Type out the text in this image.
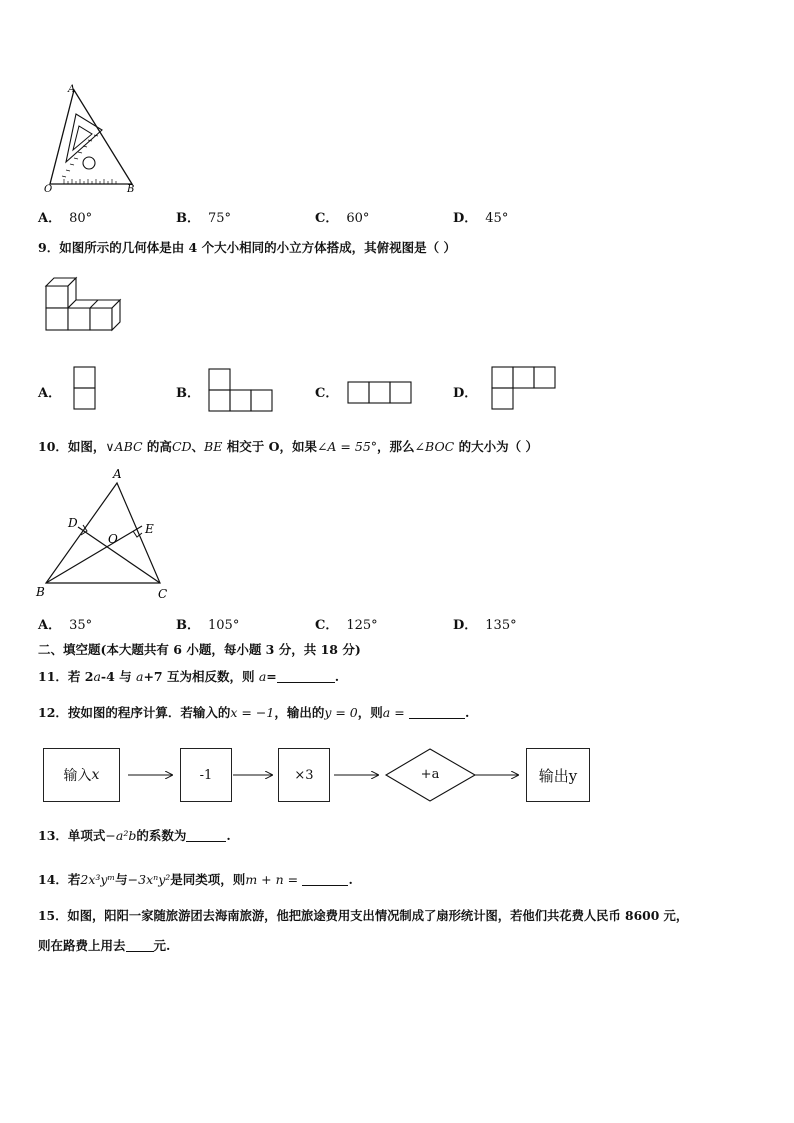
A
O	B
A． 80°	B． 75°	C． 60°	D． 45°
9．如图所示的几何体是由 4 个大小相同的小立方体搭成，其俯视图是（ ）
A．	B．	C．	D．
10．如图，∨ABC 的高CD、BE 相交于 O，如果∠A = 55°，那么∠BOC 的大小为（ ）
A
B	C
D	E
O
A． 35°	B． 105°	C． 125°	D． 135°
二、填空题(本大题共有 6 小题，每小题 3 分，共 18 分)
11．若 2a-4 与 a+7 互为相反数，则 a=	.
12．按如图的程序计算．若输入的x = −1，输出的y = 0，则a =	.
输入 x	-1	×3	输出y
+a
13．单项式−a²b的系数为	.
14．若2x³yᵐ与−3xⁿy²是同类项，则m + n =	.
15．如图，阳阳一家随旅游团去海南旅游，他把旅途费用支出情况制成了扇形统计图，若他们共花费人民币 8600 元，
则在路费上用去 元.
